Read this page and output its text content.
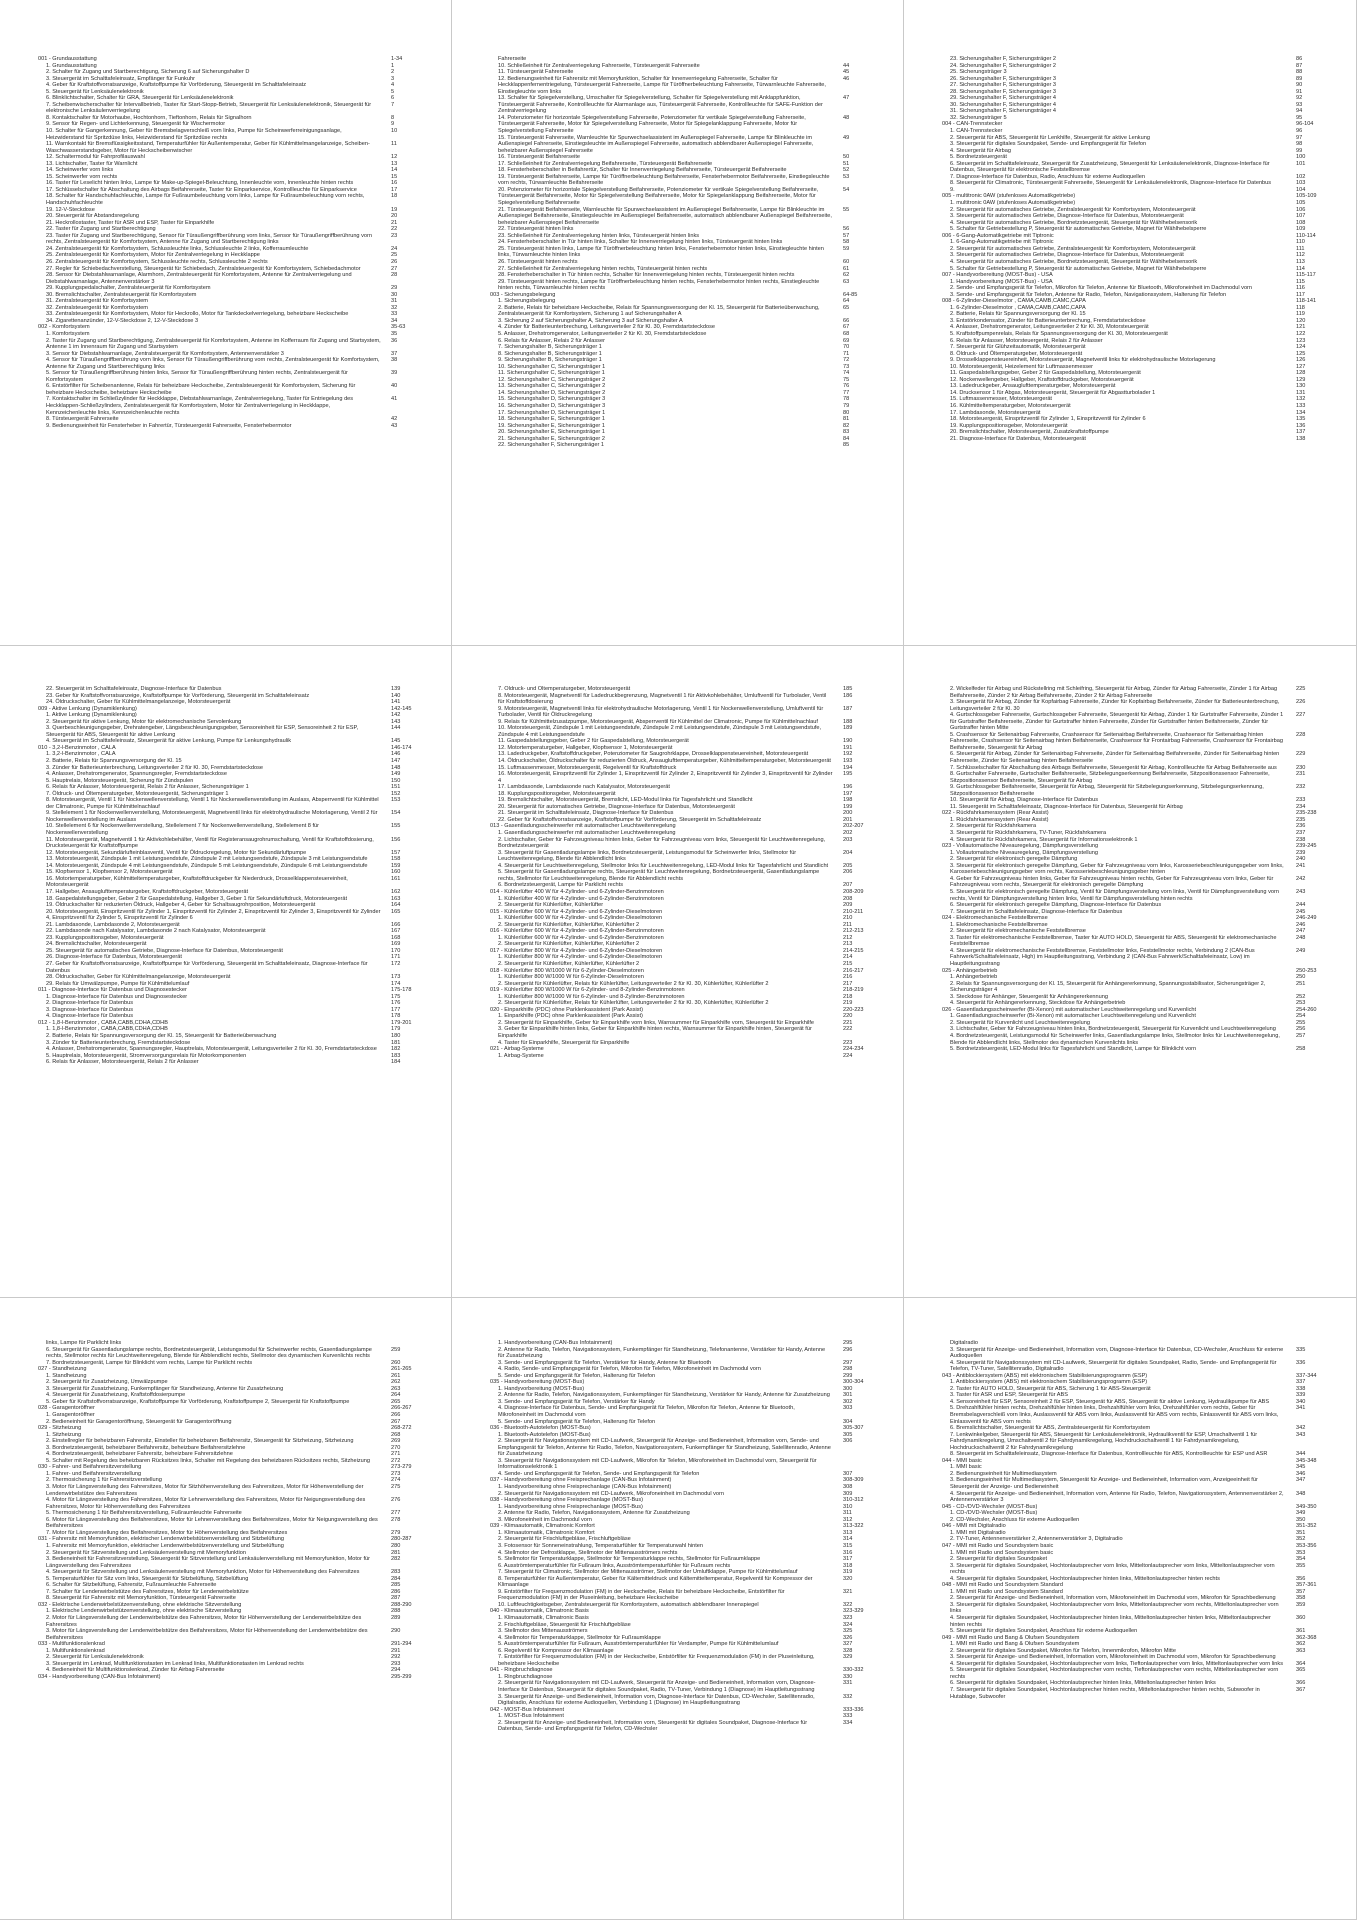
001 - Grundausstattung	1-34
1. Grundausstattung	1
2. Schalter für Zugang und Startberechtigung, Sicherung 6 auf Sicherungshalter D	2
3. Steuergerät im Schalttafeleinsatz, Empfänger für Funkuhr	3
4. Geber für Kraftstoffvorratsanzeige, Kraftstoffpumpe für Vorförderung, Steuergerät im Schalttafeleinsatz	4
5. Steuergerät für Lenksäulenelektronik	5
6. Blinklichtschalter, Schalter für GRA, Steuergerät für Lenksäulenelektronik	6
7. Scheibenwischerschalter für Intervallbetrieb, Taster für Start-Stopp-Betrieb, Steuergerät für Lenksäulenelektronik, Steuergerät für elektronische Lenksäulenverriegelung
7
8. Kontaktschalter für Motorhaube, Hochtonhorn, Tieftonhorn, Relais für Signalhorn	8
9. Sensor für Regen- und Lichterkennung, Steuergerät für Wischermotor	9
10. Schalter für Gangerkennung, Geber für Bremsbelagverschleiß vorn links, Pumpe für Scheinwerferreinigungsanlage, Heizwiderstand für Spritzdüse links, Heizwiderstand für Spritzdüse rechts
10
11. Warnkontakt für Bremsflüssigkeitsstand, Temperaturfühler für Außentemperatur, Geber für Kühlmittelmangelanzeige, Scheiben-Waschwasserstandsgeber, Motor für Heckscheibenwischer
11
12. Schaltermodul für Fahrprofilauswahl	12
13. Lichtschalter, Taster für Warnlicht	13
14. Scheinwerfer vorn links	14
15. Scheinwerfer vorn rechts	15
16. Taster für Leselicht hinten links, Lampe für Make-up-Spiegel-Beleuchtung, Innenleuchte vorn, Innenleuchte hinten rechts	16
17. Schlüsselschalter für Abschaltung des Airbags Beifahrerseite, Taster für Einparkservice, Kontrollleuchte für Einparkservice	17
18. Schalter für Handschuhfachleuchte, Lampe für Fußraumbeleuchtung vorn links, Lampe für Fußraumbeleuchtung vorn rechts, Handschuhfachleuchte
18
19. 12-V-Steckdose	19
20. Steuergerät für Abstandsregelung	20
21. Heckrollostaster, Taster für ASR und ESP, Taster für Einparkhilfe	21
22. Taster für Zugang und Startberechtigung	22
23. Taster für Zugang und Startberechtigung, Sensor für Türaußengriffberührung vorn links, Sensor für Türaußengriffberührung vorn rechts, Zentralsteuergerät für Komfortsystem, Antenne für Zugang und Startberechtigung links
23
24. Zentralsteuergerät für Komfortsystem, Schlussleuchte links, Schlussleuchte 2 links, Kofferraumleuchte	24
25. Zentralsteuergerät für Komfortsystem, Motor für Zentralverriegelung in Heckklappe	25
26. Zentralsteuergerät für Komfortsystem, Schlussleuchte rechts, Schlussleuchte 2 rechts	26
27. Regler für Schiebedachverstellung, Steuergerät für Schiebedach, Zentralsteuergerät für Komfortsystem, Schiebedachmotor	27
28. Sensor für Diebstahlwarnanlage, Alarmhorn, Zentralsteuergerät für Komfortsystem, Antenne für Zentralverriegelung und Diebstahlwarnanlage, Antennenverstärker 3
28
29. Kupplungspedalschalter, Zentralsteuergerät für Komfortsystem	29
30. Bremslichtschalter, Zentralsteuergerät für Komfortsystem	30
31. Zentralsteuergerät für Komfortsystem	31
32. Zentralsteuergerät für Komfortsystem	32
33. Zentralsteuergerät für Komfortsystem, Motor für Heckrollo, Motor für Tankdeckelverriegelung, beheizbare Heckscheibe	33
34. Zigarettenanzünder, 12-V-Steckdose 2, 12-V-Steckdose 3	34
002 - Komfortsystem	35-63
1. Komfortsystem	35
2. Taster für Zugang und Startberechtigung, Zentralsteuergerät für Komfortsystem, Antenne im Kofferraum für Zugang und Startsystem, Antenne 1 im Innenraum für Zugang und Startsystem
36
3. Sensor für Diebstahlwarnanlage, Zentralsteuergerät für Komfortsystem, Antennenverstärker 3	37
4. Sensor für Türaußengriffberührung vorn links, Sensor für Türaußengriffberührung vorn rechts, Zentralsteuergerät für Komfortsystem, Antenne für Zugang und Startberechtigung links
38
5. Sensor für Türaußengriffberührung hinten links, Sensor für Türaußengriffberührung hinten rechts, Zentralsteuergerät für Komfortsystem
39
6. Entstörfilter für Scheibenantenne, Relais für beheizbare Heckscheibe, Zentralsteuergerät für Komfortsystem, Sicherung für beheizbare Heckscheibe, beheizbare Heckscheibe
40
7. Kontaktschalter im Schließzylinder für Heckklappe, Diebstahlwarnanlage, Zentralverriegelung, Taster für Entriegelung des Heckklappen-Schließzylinders, Zentralsteuergerät für Komfortsystem, Motor für Zentralverriegelung in Heckklappe, Kennzeichenleuchte links, Kennzeichenleuchte rechts
41
8. Türsteuergerät Fahrerseite	42
9. Bedienungseinheit für Fensterheber in Fahrertür, Türsteuergerät Fahrerseite, Fensterhebermotor	43
Fahrerseite
10. Schließeinheit für Zentralverriegelung Fahrerseite, Türsteuergerät Fahrerseite	44
11. Türsteuergerät Fahrerseite	45
12. Bedienungseinheit für Fahrersitz mit Memoryfunktion, Schalter für Innenverriegelung Fahrerseite, Schalter für Heckklappenfernentriegelung, Türsteuergerät Fahrerseite, Lampe für Türöffnerbeleuchtung Fahrerseite, Türwarnleuchte Fahrerseite, Einstiegleuchte vorn links
46
13. Schalter für Spiegelverstellung, Umschalter für Spiegelverstellung, Schalter für Spiegelverstellung mit Anklappfunktion, Türsteuergerät Fahrerseite, Kontrollleuchte für Alarmanlage aus, Türsteuergerät Fahrerseite, Kontrollleuchte für SAFE-Funktion der Zentralverriegelung
47
14. Potenziometer für horizontale Spiegelverstellung Fahrerseite, Potenziometer für vertikale Spiegelverstellung Fahrerseite, Türsteuergerät Fahrerseite, Motor für Spiegelverstellung Fahrerseite, Motor für Spiegelanklappung Fahrerseite, Motor für Spiegelverstellung Fahrerseite
48
15. Türsteuergerät Fahrerseite, Warnleuchte für Spurwechselassistent im Außenspiegel Fahrerseite, Lampe für Blinkleuchte im Außenspiegel Fahrerseite, Einstiegsleuchte im Außenspiegel Fahrerseite, automatisch abblendbarer Außenspiegel Fahrerseite, beheizbarer Außenspiegel Fahrerseite
49
16. Türsteuergerät Beifahrerseite	50
17. Schließeinheit für Zentralverriegelung Beifahrerseite, Türsteuergerät Beifahrerseite	51
18. Fensterheberschalter in Beifahrertür, Schalter für Innenverriegelung Beifahrerseite, Türsteuergerät Beifahrerseite	52
19. Türsteuergerät Beifahrerseite, Lampe für Türöffnerbeleuchtung Beifahrerseite, Fensterhebermotor Beifahrerseite, Einstiegsleuchte vorn rechts, Türwarnleuchte Beifahrerseite
53
20. Potenziometer für horizontale Spiegelverstellung Beifahrerseite, Potenziometer für vertikale Spiegelverstellung Beifahrerseite, Türsteuergerät Beifahrerseite, Motor für Spiegelverstellung Beifahrerseite, Motor für Spiegelanklappung Beifahrerseite, Motor für Spiegelverstellung Beifahrerseite
54
21. Türsteuergerät Beifahrerseite, Warnleuchte für Spurwechselassistent im Außenspiegel Beifahrerseite, Lampe für Blinkleuchte im Außenspiegel Beifahrerseite, Einstiegsleuchte im Außenspiegel Beifahrerseite, automatisch abblendbarer Außenspiegel Beifahrerseite, beheizbarer Außenspiegel Beifahrerseite
55
22. Türsteuergerät hinten links	56
23. Schließeinheit für Zentralverriegelung hinten links, Türsteuergerät hinten links	57
24. Fensterheberschalter in Tür hinten links, Schalter für Innenverriegelung hinten links, Türsteuergerät hinten links	58
25. Türsteuergerät hinten links, Lampe für Türöffnerbeleuchtung hinten links, Fensterhebermotor hinten links, Einstiegleuchte hinten links, Türwarnleuchte hinten links
59
26. Türsteuergerät hinten rechts	60
27. Schließeinheit für Zentralverriegelung hinten rechts, Türsteuergerät hinten rechts	61
28. Fensterheberschalter in Tür hinten rechts, Schalter für Innenverriegelung hinten rechts, Türsteuergerät hinten rechts	62
29. Türsteuergerät hinten rechts, Lampe für Türöffnerbeleuchtung hinten rechts, Fensterhebermotor hinten rechts, Einstiegleuchte hinten rechts, Türwarnleuchte hinten rechts
63
003 - Sicherungsbelegung	64-85
1. Sicherungsbelegung	64
2. Batterie, Relais für beheizbare Heckscheibe, Relais für Spannungsversorgung der Kl. 15, Steuergerät für Batterieüberwachung, Zentralsteuergerät für Komfortsystem, Sicherung 1 auf Sicherungshalter A
65
3. Sicherung 2 auf Sicherungshalter A, Sicherung 3 auf Sicherungshalter A	66
4. Zünder für Batterieunterbrechung, Leitungsverteiler 2 für Kl. 30, Fremdstartsteckdose	67
5. Anlasser, Drehstromgenerator, Leitungsverteiler 2 für Kl. 30, Fremdstartsteckdose	68
6. Relais für Anlasser, Relais 2 für Anlasser	69
7. Sicherungshalter B, Sicherungsträger 1	70
8. Sicherungshalter B, Sicherungsträger 1	71
9. Sicherungshalter B, Sicherungsträger 1	72
10. Sicherungshalter C, Sicherungsträger 1	73
11. Sicherungshalter C, Sicherungsträger 1	74
12. Sicherungshalter C, Sicherungsträger 2	75
13. Sicherungshalter C, Sicherungsträger 2	76
14. Sicherungshalter D, Sicherungsträger 2	77
15. Sicherungshalter D, Sicherungsträger 3	78
16. Sicherungshalter D, Sicherungsträger 3	79
17. Sicherungshalter D, Sicherungsträger 1	80
18. Sicherungshalter E, Sicherungsträger 1	81
19. Sicherungshalter E, Sicherungsträger 1	82
20. Sicherungshalter E, Sicherungsträger 1	83
21. Sicherungshalter E, Sicherungsträger 2	84
22. Sicherungshalter F, Sicherungsträger 1	85
23. Sicherungshalter F, Sicherungsträger 2	86
24. Sicherungshalter F, Sicherungsträger 2	87
25. Sicherungsträger 3	88
26. Sicherungshalter F, Sicherungsträger 3	89
27. Sicherungshalter F, Sicherungsträger 3	90
28. Sicherungshalter F, Sicherungsträger 3	91
29. Sicherungshalter F, Sicherungsträger 4	92
30. Sicherungshalter F, Sicherungsträger 4	93
31. Sicherungshalter F, Sicherungsträger 4	94
32. Sicherungsträger 5	95
004 - CAN-Trennstecker	96-104
1. CAN-Trennstecker	96
2. Steuergerät für ABS, Steuergerät für Lenkhilfe, Steuergerät für aktive Lenkung	97
3. Steuergerät für digitales Soundpaket, Sende- und Empfangsgerät für Telefon	98
4. Steuergerät für Airbag	99
5. Bordnetzsteuergerät	100
6. Steuergerät im Schalttafeleinsatz, Steuergerät für Zusatzheizung, Steuergerät für Lenksäulenelektronik, Diagnose-Interface für Datenbus, Steuergerät für elektronische Feststellbremse
101
7. Diagnose-Interface für Datenbus, Radio, Anschluss für externe Audioquellen	102
8. Steuergerät für Climatronic, Türsteuergerät Fahrerseite, Steuergerät für Lenksäulenelektronik, Diagnose-Interface für Datenbus	103
9.	104
005 - multitronic 0AW (stufenloses Automatikgetriebe)	105-109
1. multitronic 0AW (stufenloses Automatikgetriebe)	105
2. Steuergerät für automatisches Getriebe, Zentralsteuergerät für Komfortsystem, Motorsteuergerät	106
3. Steuergerät für automatisches Getriebe, Diagnose-Interface für Datenbus, Motorsteuergerät	107
4. Steuergerät für automatisches Getriebe, Bordnetzsteuergerät, Steuergerät für Wählhebelsensorik	108
5. Schalter für Getriebestellung P, Steuergerät für automatisches Getriebe, Magnet für Wählhebelsperre	109
006 - 6-Gang-Automatikgetriebe mit Tiptronic	110-114
1. 6-Gang-Automatikgetriebe mit Tiptronic	110
2. Steuergerät für automatisches Getriebe, Zentralsteuergerät für Komfortsystem, Motorsteuergerät	111
3. Steuergerät für automatisches Getriebe, Diagnose-Interface für Datenbus, Motorsteuergerät	112
4. Steuergerät für automatisches Getriebe, Bordnetzsteuergerät, Steuergerät für Wählhebelsensorik	113
5. Schalter für Getriebestellung P, Steuergerät für automatisches Getriebe, Magnet für Wählhebelsperre	114
007 - Handyvorbereitung (MOST-Bus) - USA	115-117
1. Handyvorbereitung (MOST-Bus) - USA	115
2. Sende- und Empfangsgerät für Telefon, Mikrofon für Telefon, Antenne für Bluetooth, Mikrofoneinheit im Dachmodul vorn	116
3. Sende- und Empfangsgerät für Telefon, Antenne für Radio, Telefon, Navigationssystem, Halterung für Telefon	117
008 - 6-Zylinder-Dieselmotor , CAMA,CAMB,CAMC,CAPA	118-141
1. 6-Zylinder-Dieselmotor , CAMA,CAMB,CAMC,CAPA	118
2. Batterie, Relais für Spannungsversorgung der Kl. 15	119
3. Entstörkondensator, Zünder für Batterieunterbrechung, Fremdstartsteckdose	120
4. Anlasser, Drehstromgenerator, Leitungsverteiler 2 für Kl. 30, Motorsteuergerät	121
5. Kraftstoffpumpenrelais, Relais für Spannungsversorgung der Kl. 30, Motorsteuergerät	122
6. Relais für Anlasser, Motorsteuergerät, Relais 2 für Anlasser	123
7. Steuergerät für Glühzeitautomatik, Motorsteuergerät	124
8. Öldruck- und Öltemperaturgeber, Motorsteuergerät	125
9. Drosselklappensteuereinheit, Motorsteuergerät, Magnetventil links für elektrohydraulische Motorlagerung	126
10. Motorsteuergerät, Heizelement für Luftmassenmesser	127
11. Gaspedalstellungsgeber, Geber 2 für Gaspedalstellung, Motorsteuergerät	128
12. Nockenwellengeber, Hallgeber, Kraftstoffdruckgeber, Motorsteuergerät	129
13. Ladedruckgeber, Ansauglufttemperaturgeber, Motorsteuergerät	130
14. Drucksensor 1 für Abgas, Motorsteuergerät, Steuergerät für Abgastturbolader 1	131
15. Luftmassenmesser, Motorsteuergerät	132
16. Kühlmitteltemperaturgeber, Motorsteuergerät	133
17. Lambdasonde, Motorsteuergerät	134
18. Motorsteuergerät, Einspritzventil für Zylinder 1, Einspritzventil für Zylinder 6	135
19. Kupplungspositionsgeber, Motorsteuergerät	136
20. Bremslichtschalter, Motorsteuergerät, Zusatzkraftstoffpumpe	137
21. Diagnose-Interface für Datenbus, Motorsteuergerät	138
22. Steuergerät im Schalttafeleinsatz, Diagnose-Interface für Datenbus	139
23. Geber für Kraftstoffvorratsanzeige, Kraftstoffpumpe für Vorförderung, Steuergerät im Schalttafeleinsatz	140
24. Öldruckschalter, Geber für Kühlmittelmangelanzeige, Motorsteuergerät	141
009 - Aktive Lenkung (Dynamiklenkung)	142-145
1. Aktive Lenkung (Dynamiklenkung)	142
2. Steuergerät für aktive Lenkung, Motor für elektromechanische Servolenkung	143
3. Querbeschleunigungsgeber, Drehratengeber, Längsbeschleunigungsgeber, Sensoreinheit für ESP, Sensoreinheit 2 für ESP, Steuergerät für ABS, Steuergerät für aktive Lenkung
144
4. Steuergerät im Schalttafeleinsatz, Steuergerät für aktive Lenkung, Pumpe für Lenkungshydraulik	145
010 - 3,2-l-Benzinmotor , CALA	146-174
1. 3,2-l-Benzinmotor , CALA	146
2. Batterie, Relais für Spannungsversorgung der Kl. 15	147
3. Zünder für Batterieunterbrechung, Leitungsverteiler 2 für Kl. 30, Fremdstartsteckdose	148
4. Anlasser, Drehstromgenerator, Spannungsregler, Fremdstartsteckdose	149
5. Hauptrelais, Motorsteuergerät, Sicherung für Zündspulen	150
6. Relais für Anlasser, Motorsteuergerät, Relais 2 für Anlasser, Sicherungsträger 1	151
7. Öldruck- und Öltemperaturgeber, Motorsteuergerät, Sicherungsträger 1	152
8. Motorsteuergerät, Ventil 1 für Nockenwellenverstellung, Ventil 1 für Nockenwellenverstellung im Auslass, Absperrventil für Kühlmittel der Climatronic, Pumpe für Kühlmittelnachlauf
153
9. Stellelement 1 für Nockenwellenverstellung, Motorsteuergerät, Magnetventil links für elektrohydraulische Motorlagerung, Ventil 2 für Nockenwellenverstellung im Auslass
154
10. Stellelement 6 für Nockenwellenverstellung, Stellelement 7 für Nockenwellenverstellung, Stellelement 8 für Nockenwellenverstellung
155
11. Motorsteuergerät, Magnetventil 1 für Aktivkohlebehälter, Ventil für Registeransaugrohrumschaltung, Ventil für Kraftstoffdosierung, Drucksteuergerät für Kraftstoffpumpe
156
12. Motorsteuergerät, Sekundärlufteinblasventil, Ventil für Öldruckregelung, Motor für Sekundärluftpumpe	157
13. Motorsteuergerät, Zündspule 1 mit Leistungsendstufe, Zündspule 2 mit Leistungsendstufe, Zündspule 3 mit Leistungsendstufe	158
14. Motorsteuergerät, Zündspule 4 mit Leistungsendstufe, Zündspule 5 mit Leistungsendstufe, Zündspule 6 mit Leistungsendstufe	159
15. Klopfsensor 1, Klopfsensor 2, Motorsteuergerät	160
16. Motortemperaturgeber, Kühlmitteltemperaturgeber, Kraftstoffdruckgeber für Niederdruck, Drosselklappensteuereinheit, Motorsteuergerät
161
17. Hallgeber, Ansauglufttemperaturgeber, Kraftstoffdruckgeber, Motorsteuergerät	162
18. Gaspedalstellungsgeber, Geber 2 für Gaspedalstellung, Hallgeber 3, Geber 1 für Sekundärluftdruck, Motorsteuergerät	163
19. Öldruckschalter für reduzierten Öldruck, Hallgeber 4, Geber für Schaltsaugrohrposition, Motorsteuergerät	164
20. Motorsteuergerät, Einspritzventil für Zylinder 1, Einspritzventil für Zylinder 2, Einspritzventil für Zylinder 3, Einspritzventil für Zylinder 4, Einspritzventil für Zylinder 5, Einspritzventil für Zylinder 6
165
21. Lambdasonde, Lambdasonde 2, Motorsteuergerät	166
22. Lambdasonde nach Katalysator, Lambdasonde 2 nach Katalysator, Motorsteuergerät	167
23. Kupplungspositionsgeber, Motorsteuergerät	168
24. Bremslichtschalter, Motorsteuergerät	169
25. Steuergerät für automatisches Getriebe, Diagnose-Interface für Datenbus, Motorsteuergerät	170
26. Diagnose-Interface für Datenbus, Motorsteuergerät	171
27. Geber für Kraftstoffvorratsanzeige, Kraftstoffpumpe für Vorförderung, Steuergerät im Schalttafeleinsatz, Diagnose-Interface für Datenbus
172
28. Öldruckschalter, Geber für Kühlmittelmangelanzeige, Motorsteuergerät	173
29. Relais für Umwälzpumpe, Pumpe für Kühlmittelumlauf	174
011 - Diagnose-Interface für Datenbus und Diagnosestecker	175-178
1. Diagnose-Interface für Datenbus und Diagnosestecker	175
2. Diagnose-Interface für Datenbus	176
3. Diagnose-Interface für Datenbus	177
4. Diagnose-Interface für Datenbus	178
012 - 1,8-l-Benzinmotor , CABA,CABB,CDHA,CDHB	179-201
1. 1,8-l-Benzinmotor , CABA,CABB,CDHA,CDHB	179
2. Batterie, Relais für Spannungsversorgung der Kl. 15, Steuergerät für Batterieüberwachung	180
3. Zünder für Batterieunterbrechung, Fremdstartsteckdose	181
4. Anlasser, Drehstromgenerator, Spannungsregler, Hauptrelais, Motorsteuergerät, Leitungsverteiler 2 für Kl. 30, Fremdstartsteckdose	182
5. Hauptrelais, Motorsteuergerät, Stromversorgungsrelais für Motorkomponenten	183
6. Relais für Anlasser, Motorsteuergerät, Relais 2 für Anlasser	184
7. Öldruck- und Öltemperaturgeber, Motorsteuergerät	185
8. Motorsteuergerät, Magnetventil für Ladedruckbegrenzung, Magnetventil 1 für Aktivkohlebehälter, Umluftventil für Turbolader, Ventil für Kraftstoffdosierung
186
9. Motorsteuergerät, Magnetventil links für elektrohydraulische Motorlagerung, Ventil 1 für Nockenwellenverstellung, Umluftventil für Turbolader, Ventil für Öldruckregelung
187
9. Relais für Kühlmittelzusatzpumpe, Motorsteuergerät, Absperrventil für Kühlmittel der Climatronic, Pumpe für Kühlmittelnachlauf	188
10. Motorsteuergerät, Zündspule 1 mit Leistungsendstufe, Zündspule 2 mit Leistungsendstufe, Zündspule 3 mit Leistungsendstufe, Zündspule 4 mit Leistungsendstufe
189
11. Gaspedalstellungsgeber, Geber 2 für Gaspedalstellung, Motorsteuergerät	190
12. Motortemperaturgeber, Hallgeber, Klopfsensor 1, Motorsteuergerät	191
13. Ladedruckgeber, Kraftstoffdruckgeber, Potenziometer für Saugrohrklappe, Drosselklappensteuereinheit, Motorsteuergerät	192
14. Öldruckschalter, Öldruckschalter für reduzierten Öldruck, Ansauglufttemperaturgeber, Kühlmitteltemperaturgeber, Motorsteuergerät	193
15. Luftmassenmesser, Motorsteuergerät, Regelventil für Kraftstoffdruck	194
16. Motorsteuergerät, Einspritzventil für Zylinder 1, Einspritzventil für Zylinder 2, Einspritzventil für Zylinder 3, Einspritzventil für Zylinder 4
195
17. Lambdasonde, Lambdasonde nach Katalysator, Motorsteuergerät	196
18. Kupplungspositionsgeber, Motorsteuergerät	197
19. Bremslichtschalter, Motorsteuergerät, Bremslicht, LED-Modul links für Tagesfahrlicht und Standlicht	198
20. Steuergerät für automatisches Getriebe, Diagnose-Interface für Datenbus, Motorsteuergerät	199
21. Steuergerät im Schalttafeleinsatz, Diagnose-Interface für Datenbus	200
22. Geber für Kraftstoffvorratsanzeige, Kraftstoffpumpe für Vorförderung, Steuergerät im Schalttafeleinsatz	201
013 - Gasentladungsscheinwerfer mit automatischer Leuchtweitenregelung	202-207
1. Gasentladungsscheinwerfer mit automatischer Leuchtweitenregelung	202
2. Lichtschalter, Geber für Fahrzeugniveau hinten links, Geber für Fahrzeugniveau vorn links, Steuergerät für Leuchtweitenregelung, Bordnetzsteuergerät
203
3. Steuergerät für Gasentladungslampe links, Bordnetzsteuergerät, Leistungsmodul für Scheinwerfer links, Stellmotor für Leuchtweitenregelung, Blende für Abblendlicht links
204
4. Steuergerät für Leuchtweitenregelung, Stellmotor links für Leuchtweitenregelung, LED-Modul links für Tagesfahrlicht und Standlicht	205
5. Steuergerät für Gasentladungslampe rechts, Steuergerät für Leuchtweitenregelung, Bordnetzsteuergerät, Gasentladungslampe rechts, Stellmotor für Leuchtweitenregelung, Blende für Abblendlicht rechts
206
6. Bordnetzsteuergerät, Lampe für Parklicht rechts	207
014 - Kühlerlüfter 400 W für 4-Zylinder- und 6-Zylinder-Benzinmotoren	208-209
1. Kühlerlüfter 400 W für 4-Zylinder- und 6-Zylinder-Benzinmotoren	208
2. Steuergerät für Kühlerlüfter, Kühlerlüfter	209
015 - Kühlerlüfter 600 W für 4-Zylinder- und 6-Zylinder-Dieselmotoren	210-211
1. Kühlerlüfter 600 W für 4-Zylinder- und 6-Zylinder-Dieselmotoren	210
2. Steuergerät für Kühlerlüfter, Kühlerlüfter, Kühlerlüfter 2	211
016 - Kühlerlüfter 600 W für 4-Zylinder- und 6-Zylinder-Benzinmotoren	212-213
1. Kühlerlüfter 600 W für 4-Zylinder- und 6-Zylinder-Benzinmotoren	212
2. Steuergerät für Kühlerlüfter, Kühlerlüfter, Kühlerlüfter 2	213
017 - Kühlerlüfter 800 W für 4-Zylinder- und 6-Zylinder-Dieselmotoren	214-215
1. Kühlerlüfter 800 W für 4-Zylinder- und 6-Zylinder-Dieselmotoren	214
2. Steuergerät für Kühlerlüfter, Kühlerlüfter, Kühlerlüfter 2	215
018 - Kühlerlüfter 800 W/1000 W für 6-Zylinder-Dieselmotoren	216-217
1. Kühlerlüfter 800 W/1000 W für 6-Zylinder-Dieselmotoren	216
2. Steuergerät für Kühlerlüfter, Relais für Kühlerlüfter, Leitungsverteiler 2 für Kl. 30, Kühlerlüfter, Kühlerlüfter 2	217
019 - Kühlerlüfter 800 W/1000 W für 6-Zylinder- und 8-Zylinder-Benzinmotoren	218-219
1. Kühlerlüfter 800 W/1000 W für 6-Zylinder- und 8-Zylinder-Benzinmotoren	218
2. Steuergerät für Kühlerlüfter, Relais für Kühlerlüfter, Leitungsverteiler 2 für Kl. 30, Kühlerlüfter, Kühlerlüfter 2	219
020 - Einparkhilfe (PDC) ohne Parklenkassistent (Park Assist)	220-223
1. Einparkhilfe (PDC) ohne Parklenkassistent (Park Assist)	220
2. Steuergerät für Einparkhilfe, Geber für Einparkhilfe vorn links, Warnsummer für Einparkhilfe vorn, Steuergerät für Einparkhilfe	221
3. Geber für Einparkhilfe hinten links, Geber für Einparkhilfe hinten rechts, Warnsummer für Einparkhilfe hinten, Steuergerät für Einparkhilfe
222
4. Taster für Einparkhilfe, Steuergerät für Einparkhilfe	223
021 - Airbag-Systeme	224-234
1. Airbag-Systeme	224
2. Wickelfeder für Airbag und Rückstellring mit Schleifring, Steuergerät für Airbag, Zünder für Airbag Fahrerseite, Zünder 1 für Airbag Beifahrerseite, Zünder 2 für Airbag Beifahrerseite, Zünder 2 für Airbag Fahrerseite
225
3. Steuergerät für Airbag, Zünder für Kopfairbag Fahrerseite, Zünder für Kopfairbag Beifahrerseite, Zünder für Batterieunterbrechung, Leitungsverteiler 2 für Kl. 30
226
4. Gurtschlossgeber Fahrerseite, Gurtschlossgeber Fahrerseite, Steuergerät für Airbag, Zünder 1 für Gurtstraffer Fahrerseite, Zünder 1 für Gurtstraffer Beifahrerseite, Zünder für Gurtstraffer hinten Fahrerseite, Zünder für Gurtstraffer hinten Beifahrerseite, Zünder für Gurtstraffer hinten Mitte
227
5. Crashsensor für Seitenairbag Fahrerseite, Crashsensor für Seitenairbag Beifahrerseite, Crashsensor für Seitenairbag hinten Fahrerseite, Crashsensor für Seitenairbag hinten Beifahrerseite, Crashsensor für Frontairbag Fahrerseite, Crashsensor für Frontairbag Beifahrerseite, Steuergerät für Airbag
228
6. Steuergerät für Airbag, Zünder für Seitenairbag Fahrerseite, Zünder für Seitenairbag Beifahrerseite, Zünder für Seitenairbag hinten Fahrerseite, Zünder für Seitenairbag hinten Beifahrerseite
229
7. Schlüsselschalter für Abschaltung des Airbags Beifahrerseite, Steuergerät für Airbag, Kontrollleuchte für Airbag Beifahrerseite aus	230
8. Gurtschalter Fahrerseite, Gurtschalter Beifahrerseite, Sitzbelegungserkennung Beifahrerseite, Sitzpositionssensor Fahrerseite, Sitzpositionssensor Beifahrerseite, Steuergerät für Airbag
231
9. Gurtschlossgeber Beifahrerseite, Steuergerät für Airbag, Steuergerät für Sitzbelegungserkennung, Sitzbelegungserkennung, Sitzpositionssensor Beifahrerseite
232
10. Steuergerät für Airbag, Diagnose-Interface für Datenbus	233
11. Steuergerät im Schalttafeleinsatz, Diagnose-Interface für Datenbus, Steuergerät für Airbag	234
022 - Rückfahrkamerasystem (Rear Assist)	235-238
1. Rückfahrkamerasystem (Rear Assist)	235
2. Steuergerät für Rückfahrkamera	236
3. Steuergerät für Rückfahrkamera, TV-Tuner, Rückfahrkamera	237
4. Steuergerät für Rückfahrkamera, Steuergerät für Informationselektronik 1	238
023 - Vollautomatische Niveauregelung, Dämpfungsverstellung	239-245
1. Vollautomatische Niveauregelung, Dämpfungsverstellung	239
2. Steuergerät für elektronisch geregelte Dämpfung	240
3. Steuergerät für elektronisch geregelte Dämpfung, Geber für Fahrzeugniveau vorn links, Karosseriebeschleunigungsgeber vorn links, Karosseriebeschleunigungsgeber vorn rechts, Karosseriebeschleunigungsgeber hinten
241
4. Geber für Fahrzeugniveau hinten links, Geber für Fahrzeugniveau hinten rechts, Geber für Fahrzeugniveau vorn links, Geber für Fahrzeugniveau vorn rechts, Steuergerät für elektronisch geregelte Dämpfung
242
5. Steuergerät für elektronisch geregelte Dämpfung, Ventil für Dämpfungsverstellung vorn links, Ventil für Dämpfungsverstellung vorn rechts, Ventil für Dämpfungsverstellung hinten links, Ventil für Dämpfungsverstellung hinten rechts
243
6. Steuergerät für elektronisch geregelte Dämpfung, Diagnose-Interface für Datenbus	244
7. Steuergerät im Schalttafeleinsatz, Diagnose-Interface für Datenbus	245
024 - Elektromechanische Feststellbremse	246-249
1. Elektromechanische Feststellbremse	246
2. Steuergerät für elektromechanische Feststellbremse	247
3. Taster für elektromechanische Feststellbremse, Taster für AUTO HOLD, Steuergerät für ABS, Steuergerät für elektromechanische Feststellbremse
248
4. Steuergerät für elektromechanische Feststellbremse, Feststellmotor links, Feststellmotor rechts, Verbindung 2 (CAN-Bus Fahrwerk/Schalttafeleinsatz, High) im Hauptleitungsstrang, Verbindung 2 (CAN-Bus Fahrwerk/Schalttafeleinsatz, Low) im Hauptleitungsstrang
249
025 - Anhängerbetrieb	250-253
1. Anhängerbetrieb	250
2. Relais für Spannungsversorgung der Kl. 15, Steuergerät für Anhängererkennung, Spannungsstabilisator, Sicherungsträger 2, Sicherungsträger 4
251
3. Steckdose für Anhänger, Steuergerät für Anhängererkennung	252
4. Steuergerät für Anhängererkennung, Steckdose für Anhängerbetrieb	253
026 - Gasentladungsscheinwerfer (Bi-Xenon) mit automatischer Leuchtweitenregelung und Kurvenlicht	254-260
1. Gasentladungsscheinwerfer (Bi-Xenon) mit automatischer Leuchtweitenregelung und Kurvenlicht	254
2. Steuergerät für Kurvenlicht und Leuchtweitenregelung	255
3. Lichtschalter, Geber für Fahrzeugniveau hinten links, Bordnetzsteuergerät, Steuergerät für Kurvenlicht und Leuchtweitenregelung	256
4. Bordnetzsteuergerät, Leistungsmodul für Scheinwerfer links, Gasentladungslampe links, Stellmotor links für Leuchtweitenregelung, Blende für Abblendlicht links, Stellmotor des dynamischen Kurvenlichts links
257
5. Bordnetzsteuergerät, LED-Modul links für Tagesfahrlicht und Standlicht, Lampe für Blinklicht vorn	258
links, Lampe für Parklicht links
6. Steuergerät für Gasentladungslampe rechts, Bordnetzsteuergerät, Leistungsmodul für Scheinwerfer rechts, Gasentladungslampe rechts, Stellmotor rechts für Leuchtweitenregelung, Blende für Abblendlicht rechts, Stellmotor des dynamischen Kurvenlichts rechts
259
7. Bordnetzsteuergerät, Lampe für Blinklicht vorn rechts, Lampe für Parklicht rechts	260
027 - Standheizung	261-265
1. Standheizung	261
2. Steuergerät für Zusatzheizung, Umwälzpumpe	262
3. Steuergerät für Zusatzheizung, Funkempfänger für Standheizung, Antenne für Zusatzheizung	263
4. Steuergerät für Zusatzheizung, Kraftstoffdosierpumpe	264
5. Geber für Kraftstoffvorratsanzeige, Kraftstoffpumpe für Vorförderung, Kraftstoffpumpe 2, Steuergerät für Kraftstoffpumpe	265
028 - Garagentoröffner	266-267
1. Garagentoröffner	266
2. Bedieneinheit für Garagentoröffnung, Steuergerät für Garagentoröffnung	267
029 - Sitzheizung	268-272
1. Sitzheizung	268
2. Einstellregler für beheizbaren Fahrersitz, Einsteller für beheizbaren Beifahrersitz, Steuergerät für Sitzheizung, Sitzheizung	269
3. Bordnetzsteuergerät, beheizbarer Beifahrersitz, beheizbare Beifahrersitzlehne	270
4. Bordnetzsteuergerät, beheizbarer Fahrersitz, beheizbare Fahrersitzlehne	271
5. Schalter mit Regelung des beheizbaren Rücksitzes links, Schalter mit Regelung des beheizbaren Rücksitzes rechts, Sitzheizung	272
030 - Fahrer- und Beifahrersitzverstellung	273-279
1. Fahrer- und Beifahrersitzverstellung	273
2. Thermosicherung 1 für Fahrersitzverstellung	274
3. Motor für Längsverstellung des Fahrersitzes, Motor für Sitzhöhenverstellung des Fahrersitzes, Motor für Höhenverstellung der Lendenwirbelstütze des Fahrersitzes
275
4. Motor für Längsverstellung des Fahrersitzes, Motor für Lehnenverstellung des Fahrersitzes, Motor für Neigungsverstellung des Fahrersitzes, Motor für Höhenverstellung des Fahrersitzes
276
5. Thermosicherung 1 für Beifahrersitzverstellung, Fußraumleuchte Fahrerseite	277
6. Motor für Längsverstellung des Beifahrersitzes, Motor für Lehnenverstellung des Beifahrersitzes, Motor für Neigungsverstellung des Beifahrersitzes
278
7. Motor für Längsverstellung des Beifahrersitzes, Motor für Höhenverstellung des Beifahrersitzes	279
031 - Fahrersitz mit Memoryfunktion, elektrischer Lendenwirbelstützenverstellung und Sitzbelüftung	280-287
1. Fahrersitz mit Memoryfunktion, elektrischer Lendenwirbelstützenverstellung und Sitzbelüftung	280
2. Steuergerät für Sitzverstellung und Lenksäulenverstellung mit Memoryfunktion	281
3. Bedieneinheit für Fahrersitzverstellung, Steuergerät für Sitzverstellung und Lenksäulenverstellung mit Memoryfunktion, Motor für Längsverstellung des Fahrersitzes
282
4. Steuergerät für Sitzverstellung und Lenksäulenverstellung mit Memoryfunktion, Motor für Höhenverstellung des Fahrersitzes	283
5. Temperaturfühler für Sitz vorn links, Steuergerät für Sitzbelüftung, Sitzbelüftung	284
6. Schalter für Sitzbelüftung, Fahrersitz, Fußraumleuchte Fahrerseite	285
7. Schalter für Lendenwirbelstütze des Fahrersitzes, Motor für Lendenwirbelstütze	286
8. Steuergerät für Fahrersitz mit Memoryfunktion, Türsteuergerät Fahrerseite	287
032 - Elektrische Lendenwirbelstützenverstellung, ohne elektrische Sitzverstellung	288-290
1. Elektrische Lendenwirbelstützenverstellung, ohne elektrische Sitzverstellung	288
2. Motor für Längsverstellung der Lendenwirbelstütze des Fahrersitzes, Motor für Höhenverstellung der Lendenwirbelstütze des Fahrersitzes
289
3. Motor für Längsverstellung der Lendenwirbelstütze des Beifahrersitzes, Motor für Höhenverstellung der Lendenwirbelstütze des Beifahrersitzes
290
033 - Multifunktionslenkrad	291-294
1. Multifunktionslenkrad	291
2. Steuergerät für Lenksäulenelektronik	292
3. Steuergerät im Lenkrad, Multifunktionstasten im Lenkrad links, Multifunktionstasten im Lenkrad rechts	293
4. Bedieneinheit für Multifunktionslenkrad, Zünder für Airbag Fahrerseite	294
034 - Handyvorbereitung (CAN-Bus Infotainment)	295-299
1. Handyvorbereitung (CAN-Bus Infotainment)	295
2. Antenne für Radio, Telefon, Navigationssystem, Funkempfänger für Standheizung, Telefonantenne, Verstärker für Handy, Antenne für Zusatzheizung
296
3. Sende- und Empfangsgerät für Telefon, Verstärker für Handy, Antenne für Bluetooth	297
4. Radio, Sende- und Empfangsgerät für Telefon, Mikrofon für Telefon, Mikrofoneinheit im Dachmodul vorn	298
5. Sende- und Empfangsgerät für Telefon, Halterung für Telefon	299
035 - Handyvorbereitung (MOST-Bus)	300-304
1. Handyvorbereitung (MOST-Bus)	300
2. Antenne für Radio, Telefon, Navigationssystem, Funkempfänger für Standheizung, Verstärker für Handy, Antenne für Zusatzheizung	301
3. Sende- und Empfangsgerät für Telefon, Verstärker für Handy	302
4. Diagnose-Interface für Datenbus, Sende- und Empfangsgerät für Telefon, Mikrofon für Telefon, Antenne für Bluetooth, Mikrofoneinheit im Dachmodul vorn
303
5. Sende- und Empfangsgerät für Telefon, Halterung für Telefon	304
036 - Bluetooth-Autotelefon (MOST-Bus)	305-307
1. Bluetooth-Autotelefon (MOST-Bus)	305
2. Steuergerät für Navigationssystem mit CD-Laufwerk, Steuergerät für Anzeige- und Bedieneinheit, Information vorn, Sende- und Empfangsgerät für Telefon, Antenne für Radio, Telefon, Navigationssystem, Funkempfänger für Standheizung, Satellitenradio, Antenne für Zusatzheizung
306
3. Steuergerät für Navigationssystem mit CD-Laufwerk, Mikrofon für Telefon, Mikrofoneinheit im Dachmodul vorn, Steuergerät für Informationselektronik 1
4. Sende- und Empfangsgerät für Telefon, Sende- und Empfangsgerät für Telefon	307
037 - Handyvorbereitung ohne Freisprechanlage (CAN-Bus Infotainment)	308-309
1. Handyvorbereitung ohne Freisprechanlage (CAN-Bus Infotainment)	308
2. Steuergerät für Navigationssystem mit CD-Laufwerk, Mikrofoneinheit im Dachmodul vorn	309
038 - Handyvorbereitung ohne Freisprechanlage (MOST-Bus)	310-312
1. Handyvorbereitung ohne Freisprechanlage (MOST-Bus)	310
2. Antenne für Radio, Telefon, Navigationssystem, Antenne für Zusatzheizung	311
3. Mikrofoneinheit im Dachmodul vorn	312
039 - Klimaautomatik, Climatronic Komfort	313-322
1. Klimaautomatik, Climatronic Komfort	313
2. Steuergerät für Frischluftgebläse, Frischluftgebläse	314
3. Fotosensor für Sonneneinstrahlung, Temperaturfühler für Temperaturwahl hinten	315
4. Stellmotor der Defrostklappe, Stellmotor der Mittenausströmers rechts	316
5. Stellmotor für Temperaturklappe, Stellmotor für Temperaturklappe rechts, Stellmotor für Fußraumklappe	317
6. Ausströmtemperaturfühler für Fußraum links, Ausströmtemperaturfühler für Fußraum rechts	318
7. Steuergerät für Climatronic, Stellmotor der Mittenausströmer, Stellmotor der Umluftklappe, Pumpe für Kühlmittelumlauf	319
8. Temperaturfühler für Außentemperatur, Geber für Kältemitteldruck und Kältemitteltemperatur, Regelventil für Kompressor der Klimaanlage
320
9. Entstörfilter für Frequenzmodulation (FM) in der Heckscheibe, Relais für beheizbare Heckscheibe, Entstörfilter für Frequenzmodulation (FM) in der Pluseinleitung, beheizbare Heckscheibe
321
10. Luftfeuchtigkeitsgeber, Zentralsteuergerät für Komfortsystem, automatisch abblendbarer Innenspiegel	322
040 - Klimaautomatik, Climatronic Basis	323-329
1. Klimaautomatik, Climatronic Basis	323
2. Frischluftgebläse, Steuergerät für Frischluftgebläse	324
3. Stellmotor des Mittenausströmers	325
4. Stellmotor für Temperaturklappe, Stellmotor für Fußraumklappe	326
5. Ausströmtemperaturfühler für Fußraum, Ausströmtemperaturfühler für Verdampfer, Pumpe für Kühlmittelumlauf	327
6. Regelventil für Kompressor der Klimaanlage	328
7. Entstörfilter für Frequenzmodulation (FM) in der Heckscheibe, Entstörfilter für Frequenzmodulation (FM) in der Pluseinleitung, beheizbare Heckscheibe
329
041 - Ringbruchdiagnose	330-332
1. Ringbruchdiagnose	330
2. Steuergerät für Navigationssystem mit CD-Laufwerk, Steuergerät für Anzeige- und Bedieneinheit, Information vorn, Diagnose-Interface für Datenbus, Steuergerät für digitales Soundpaket, Radio, TV-Tuner, Verbindung 1 (Diagnose) im Hauptleitungsstrang
331
3. Steuergerät für Anzeige- und Bedieneinheit, Information vorn, Diagnose-Interface für Datenbus, CD-Wechsler, Satellitenradio, Digitalradio, Anschluss für externe Audioquellen, Verbindung 1 (Diagnose) im Hauptleitungsstrang
332
042 - MOST-Bus Infotainment	333-336
1. MOST-Bus Infotainment	333
2. Steuergerät für Anzeige- und Bedieneinheit, Information vorn, Steuergerät für digitales Soundpaket, Diagnose-Interface für Datenbus, Sende- und Empfangsgerät für Telefon, CD-Wechsler
334
Digitalradio
3. Steuergerät für Anzeige- und Bedieneinheit, Information vorn, Diagnose-Interface für Datenbus, CD-Wechsler, Anschluss für externe Audioquellen
335
4. Steuergerät für Navigationssystem mit CD-Laufwerk, Steuergerät für digitales Soundpaket, Radio, Sende- und Empfangsgerät für Telefon, TV-Tuner, Satellitenradio, Digitalradio
336
043 - Antiblockiersystem (ABS) mit elektronischem Stabilisierungsprogramm (ESP)	337-344
1. Antiblockiersystem (ABS) mit elektronischem Stabilisierungsprogramm (ESP)	337
2. Taster für AUTO HOLD, Steuergerät für ABS, Sicherung 1 für ABS-Steuergerät	338
3. Taster für ASR und ESP, Steuergerät für ABS	339
4. Sensoreinheit für ESP, Sensoreinheit 2 für ESP, Steuergerät für ABS, Steuergerät für aktive Lenkung, Hydraulikpumpe für ABS	340
5. Drehzahlfühler hinten rechts, Drehzahlfühler hinten links, Drehzahlfühler vorn links, Drehzahlfühler vorn rechts, Geber für Bremsbelagverschleiß vorn links, Auslassventil für ABS vorn links, Auslassventil für ABS vorn rechts, Einlassventil für ABS vorn links, Einlassventil für ABS vorn rechts
341
6. Bremslichtschalter, Steuergerät für ABS, Zentralsteuergerät für Komfortsystem	342
7. Lenkwinkelgeber, Steuergerät für ABS, Steuergerät für Lenksäulenelektronik, Hydraulikventil für ESP, Umschaltventil 1 für Fahrdynamikregelung, Umschaltventil 2 für Fahrdynamikregelung, Hochdruckschaltventil 1 für Fahrdynamikregelung, Hochdruckschaltventil 2 für Fahrdynamikregelung
343
8. Steuergerät im Schalttafeleinsatz, Diagnose-Interface für Datenbus, Kontrollleuchte für ABS, Kontrollleuchte für ESP und ASR	344
044 - MMI basic	345-348
1. MMI basic	345
2. Bedienungseinheit für Multimediasystem	346
3. Bedienungseinheit für Multimediasystem, Steuergerät für Anzeige- und Bedieneinheit, Information vorn, Anzeigeeinheit für Steuergerät der Anzeige- und Bedieneinheit
347
4. Steuergerät für Anzeige- und Bedieneinheit, Information vorn, Antenne für Radio, Telefon, Navigationssystem, Antennenverstärker 2, Antennenverstärker 3
348
045 - CD-/DVD-Wechsler (MOST-Bus)	349-350
1. CD-/DVD-Wechsler (MOST-Bus)	349
2. CD-Wechsler, Anschluss für externe Audioquellen	350
046 - MMI mit Digitalradio	351-352
1. MMI mit Digitalradio	351
2. TV-Tuner, Antennenverstärker 2, Antennenverstärker 3, Digitalradio	352
047 - MMI mit Radio und Soundsystem basic	353-356
1. MMI mit Radio und Soundsystem basic	353
2. Steuergerät für digitales Soundpaket	354
3. Steuergerät für digitales Soundpaket, Hochtonlautsprecher vorn links, Mitteltonlautsprecher vorn links, Mitteltonlautsprecher vorn rechts
355
4. Steuergerät für digitales Soundpaket, Hochtonlautsprecher hinten links, Mitteltonlautsprecher hinten rechts	356
048 - MMI mit Radio und Soundsystem Standard	357-361
1. MMI mit Radio und Soundsystem Standard	357
2. Steuergerät für Anzeige- und Bedieneinheit, Information vorn, Mikrofoneinheit im Dachmodul vorn, Mikrofon für Sprachbedienung	358
3. Steuergerät für digitales Soundpaket, Hochtonlautsprecher vorn links, Mitteltonlautsprecher vorn rechts, Mitteltonlautsprecher vorn links
359
4. Steuergerät für digitales Soundpaket, Hochtonlautsprecher hinten links, Mitteltonlautsprecher hinten links, Mitteltonlautsprecher hinten rechts
360
5. Steuergerät für digitales Soundpaket, Anschluss für externe Audioquellen	361
049 - MMI mit Radio und Bang & Olufsen Soundsystem	362-368
1. MMI mit Radio und Bang & Olufsen Soundsystem	362
2. Steuergerät für digitales Soundpaket, Mikrofon für Telefon, Innenmikrofon, Mikrofon Mitte	363
3. Steuergerät für Anzeige- und Bedieneinheit, Information vorn, Mikrofoneinheit im Dachmodul vorn, Mikrofon für Sprachbedienung
4. Steuergerät für digitales Soundpaket, Hochtonlautsprecher vorn links, Tieftonlautsprecher vorn links, Mitteltonlautsprecher vorn links	364
5. Steuergerät für digitales Soundpaket, Hochtonlautsprecher vorn rechts, Tieftonlautsprecher vorn rechts, Mitteltonlautsprecher vorn rechts
365
6. Steuergerät für digitales Soundpaket, Hochtonlautsprecher hinten links, Mitteltonlautsprecher hinten links	366
7. Steuergerät für digitales Soundpaket, Hochtonlautsprecher hinten rechts, Mitteltonlautsprecher hinten rechts, Subwoofer in Hutablage, Subwoofer
367
